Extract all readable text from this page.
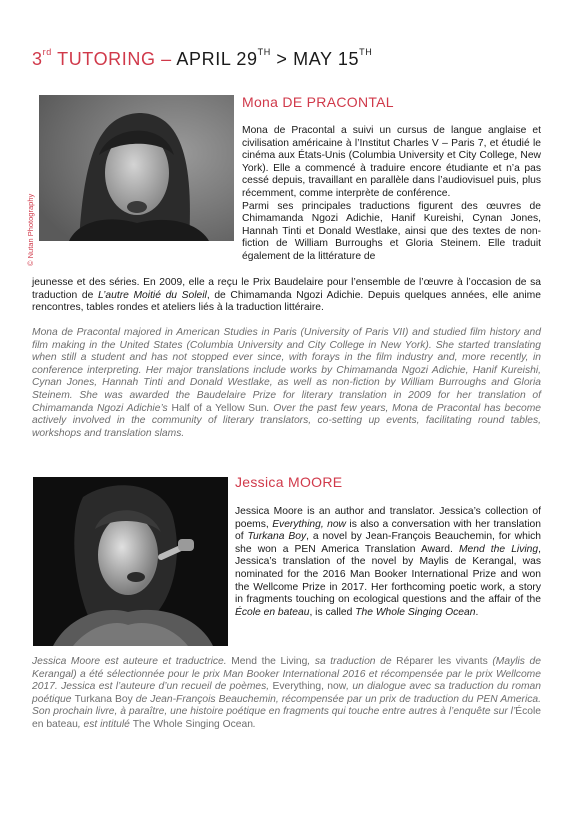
3rd TUTORING – APRIL 29TH > MAY 15TH
© Nutan Photography
Mona DE PRACONTAL

Mona de Pracontal a suivi un cursus de langue anglaise et civilisation américaine à l’Institut Charles V – Paris 7, et étudié le cinéma aux États-Unis (Columbia University et City College, New York). Elle a commencé à traduire encore étudiante et n’a pas cessé depuis, travaillant en parallèle dans l’audiovisuel puis, plus récemment, comme interprète de conférence.

Parmi ses principales traductions figurent des œuvres de Chimamanda Ngozi Adichie, Hanif Kureishi, Cynan Jones, Hannah Tinti et Donald Westlake, ainsi que des textes de non-fiction de William Burroughs et Gloria Steinem. Elle traduit également de la littérature de

jeunesse et des séries. En 2009, elle a reçu le Prix Baudelaire pour l’ensemble de l’œuvre à l’occasion de sa traduction de L’autre Moitié du Soleil, de Chimamanda Ngozi Adichie. Depuis quelques années, elle anime rencontres, tables rondes et ateliers liés à la traduction littéraire.

Mona de Pracontal majored in American Studies in Paris (University of Paris VII) and studied film history and film making in the United States (Columbia University and City College in New York). She started translating when still a student and has not stopped ever since, with forays in the film industry and, more recently, in conference interpreting. Her major translations include works by Chimamanda Ngozi Adichie, Hanif Kureishi, Cynan Jones, Hannah Tinti and Donald Westlake, as well as non-fiction by William Burroughs and Gloria Steinem. She was awarded the Baudelaire Prize for literary translation in 2009 for her translation of Chimamanda Ngozi Adichie’s Half of a Yellow Sun. Over the past few years, Mona de Pracontal has become actively involved in the community of literary translators, co-setting up events, facilitating round tables, workshops and translation slams.

Jessica MOORE

Jessica Moore is an author and translator. Jessica’s collection of poems, Everything, now is also a conversation with her translation of Turkana Boy, a novel by Jean-François Beauchemin, for which she won a PEN America Translation Award. Mend the Living, Jessica’s translation of the novel by Maylis de Kerangal, was nominated for the 2016 Man Booker International Prize and won the Wellcome Prize in 2017. Her forthcoming poetic work, a story in fragments touching on ecological questions and the affair of the École en bateau, is called The Whole Singing Ocean.

Jessica Moore est auteure et traductrice. Mend the Living, sa traduction de Réparer les vivants (Maylis de Kerangal) a été sélectionnée pour le prix Man Booker International 2016 et récompensée par le prix Wellcome 2017. Jessica est l’auteure d’un recueil de poèmes, Everything, now, un dialogue avec sa traduction du roman poétique Turkana Boy de Jean-François Beauchemin, récompensée par un prix de traduction du PEN America. Son prochain livre, à paraître, une histoire poétique en fragments qui touche entre autres à l’enquête sur l’École en bateau, est intitulé The Whole Singing Ocean.
